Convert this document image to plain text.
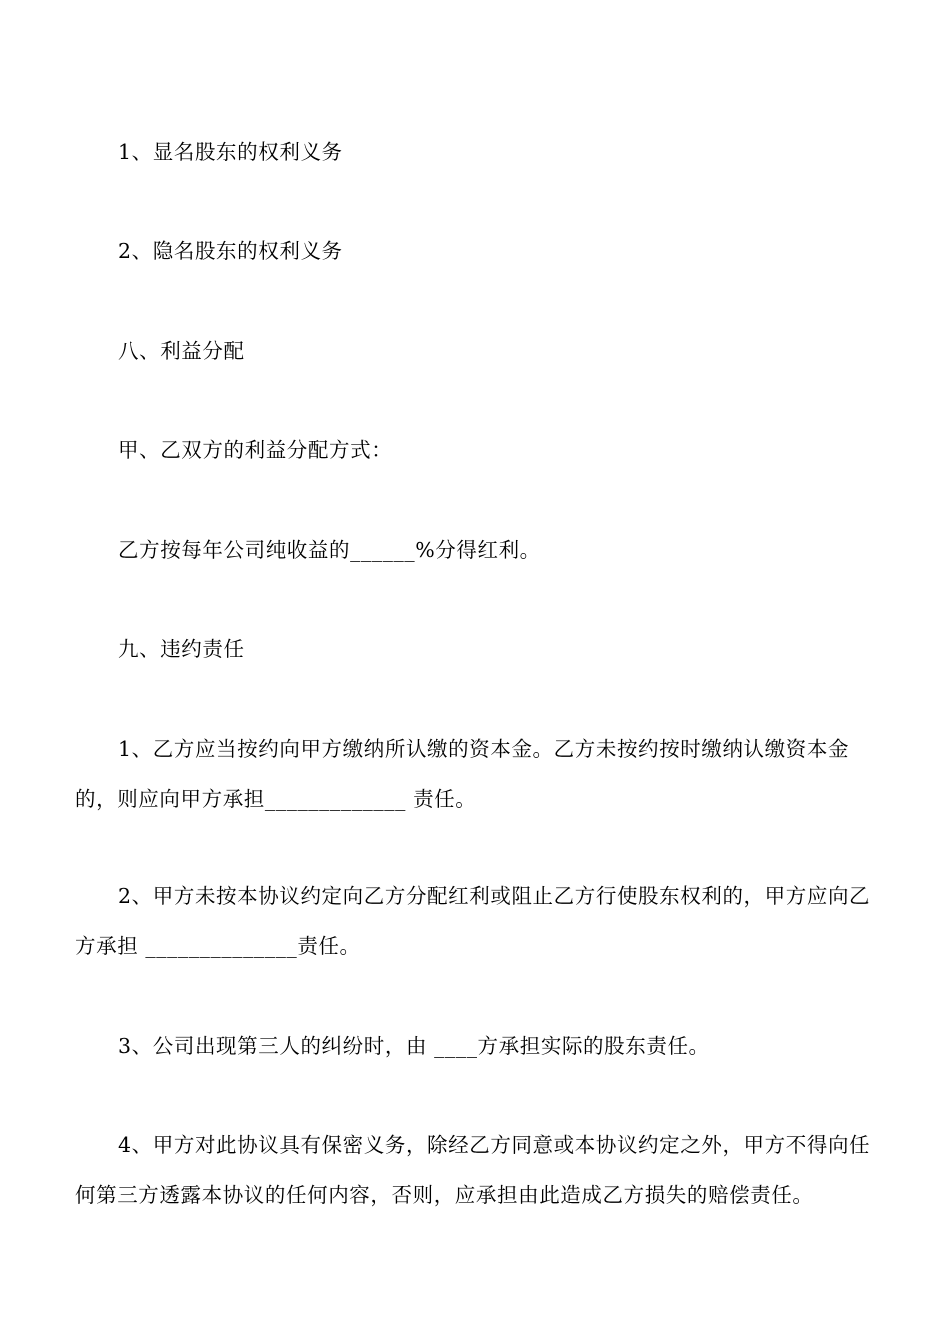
1、显名股东的权利义务

2、隐名股东的权利义务

八、利益分配

甲、乙双方的利益分配方式：

乙方按每年公司纯收益的______%分得红利。

九、违约责任

1、乙方应当按约向甲方缴纳所认缴的资本金。乙方未按约按时缴纳认缴资本金的，则应向甲方承担_____________ 责任。

2、甲方未按本协议约定向乙方分配红利或阻止乙方行使股东权利的，甲方应向乙方承担 ______________责任。

3、公司出现第三人的纠纷时，由 ____方承担实际的股东责任。

4、甲方对此协议具有保密义务，除经乙方同意或本协议约定之外，甲方不得向任何第三方透露本协议的任何内容，否则，应承担由此造成乙方损失的赔偿责任。
